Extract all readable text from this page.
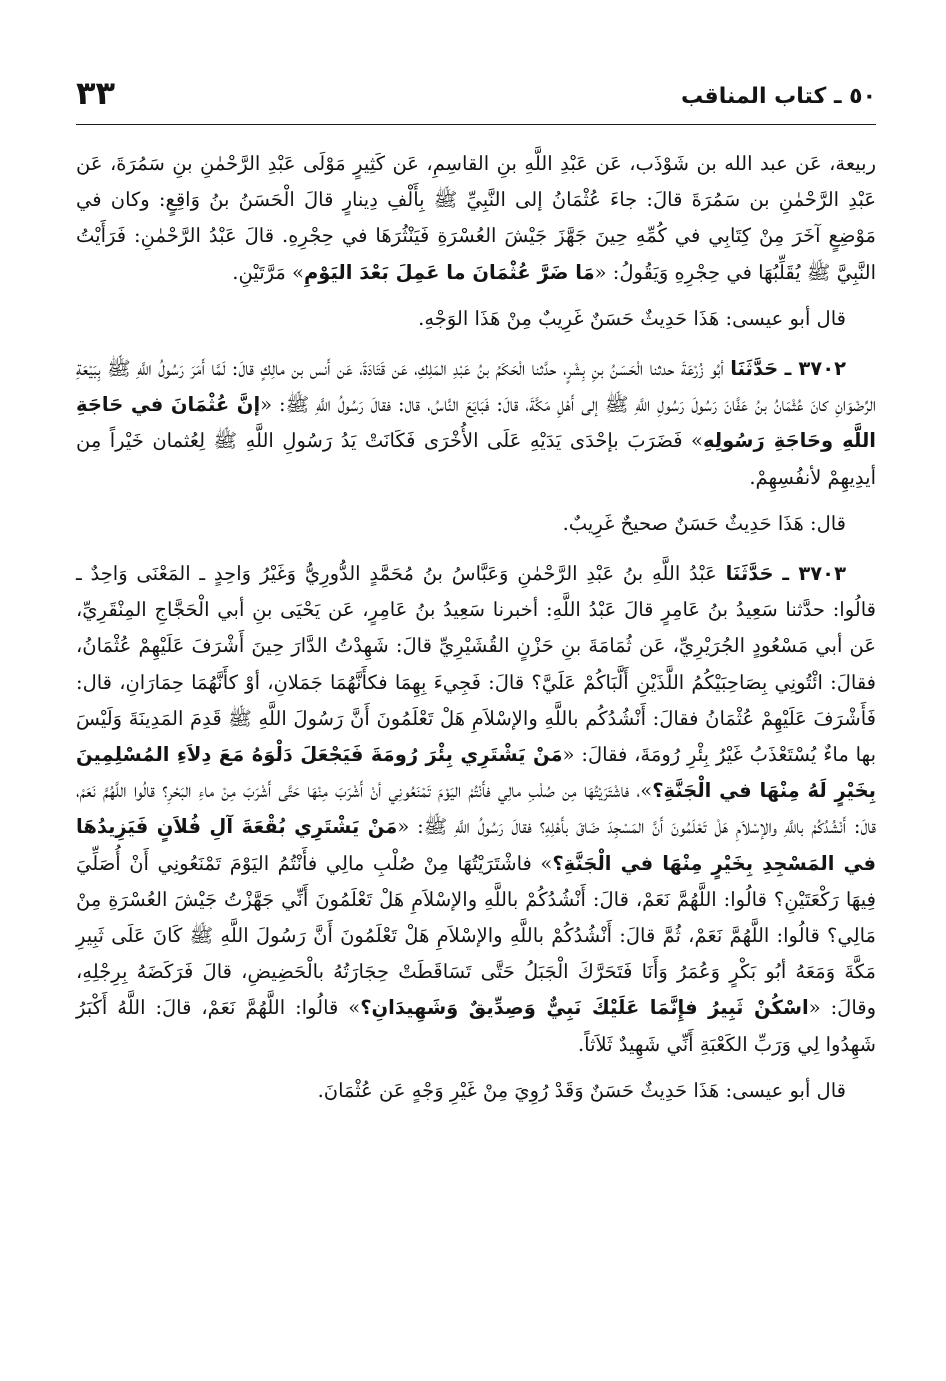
٥٠ ـ كتاب المناقب
٣٣

ربيعة، عَن عبد الله بن شَوْذَب، عَن عَبْدِ اللَّهِ بنِ القاسِمِ، عَن كَثِيرٍ مَوْلَى عَبْدِ الرَّحْمٰنِ بنِ سَمُرَةَ، عَن عَبْدِ الرَّحْمٰنِ بن سَمُرَةَ قالَ: جاءَ عُثْمَانُ إلى النَّبِيِّ ﷺ بِأَلْفِ دِينارٍ قالَ الْحَسَنُ بنُ وَاقِعٍ: وكان في مَوْضِعٍ آخَرَ مِنْ كِتَابِي في كُمِّهِ حِينَ جَهَّزَ جَيْشَ العُسْرَةِ فَيَنْثُرَهَا في حِجْرِهِ. قالَ عَبْدُ الرَّحْمٰنِ: فَرَأَيْتُ النَّبِيَّ ﷺ يُقَلِّبُهَا في حِجْرِهِ وَيَقُولُ: «مَا ضَرَّ عُثْمَانَ ما عَمِلَ بَعْدَ اليَوْمِ» مَرَّتَيْنِ.

قال أبو عيسى: هَذَا حَدِيثٌ حَسَنٌ غَرِيبٌ مِنْ هَذَا الوَجْهِ.

٣٧٠٢ ـ حَدَّثَنَا أبُو زُرْعَةَ حدثنا الْحَسَنُ بنِ بِشْرٍ، حدَّثنا الْحَكَمُ بنُ عَبْدِ المَلِكِ، عَن قَتَادَةَ، عَن أَنس بن مالِكٍ قالَ: لَمَّا أَمَرَ رَسُولُ اللَّهِ ﷺ بِبَيْعَةِ الرِّضْوَانِ كانَ عُثْمَانُ بنُ عَفَّانَ رَسُولَ رَسُولِ اللَّهِ ﷺ إلى أَهْلِ مَكَّةَ، قالَ: فَبَايَعَ النَّاسُ، قال: فقالَ رَسُولُ اللَّهِ ﷺ: «إنَّ عُثْمَانَ في حَاجَةِ اللَّهِ وحَاجَةِ رَسُولِهِ» فَضَرَبَ بإحْدَى يَدَيْهِ عَلَى الأُخْرَى فَكَانَتْ يَدُ رَسُولِ اللَّهِ ﷺ لِعُثمان خَيْراً مِن أيدِيهِمْ لأنفُسِهِمْ.

قال: هَذَا حَدِيثٌ حَسَنٌ صحيحٌ غَرِيبٌ.

٣٧٠٣ ـ حَدَّثَنَا عَبْدُ اللَّهِ بنُ عَبْدِ الرَّحْمٰنِ وَعَبَّاسُ بنُ مُحَمَّدٍ الدُّورِيُّ وَغَيْرُ وَاحِدٍ ـ المَعْنَى وَاحِدٌ ـ قالُوا: حدَّثنا سَعِيدُ بنُ عَامِرٍ قالَ عَبْدُ اللَّهِ: أخبرنا سَعِيدُ بنُ عَامِرٍ، عَن يَحْيَى بنِ أبي الْحَجَّاجِ المِنْقَرِيِّ، عَن أبي مَسْعُودٍ الجُرَيْرِيِّ، عَن ثُمَامَةَ بنِ حَزْنٍ القُشَيْرِيِّ قالَ: شَهِدْتُ الدَّارَ حِينَ أَشْرَفَ عَلَيْهِمْ عُثْمَانُ، فقالَ: ائْتُونِي بِصَاحِبَيْكُمُ اللَّذَيْنِ أَلَّبَاكُمْ عَلَيَّ؟ قالَ: فَجِيءَ بِهِمَا فكأَنَّهُمَا جَمَلانِ، أوْ كأَنَّهُمَا حِمَارَانِ، قال: فَأَشْرَفَ عَلَيْهِمْ عُثْمَانُ فقالَ: أَنْشُدُكُم باللَّهِ والإسْلاَمِ هَلْ تَعْلَمُونَ أَنَّ رَسُولَ اللَّهِ ﷺ قَدِمَ المَدِينَةَ وَلَيْسَ بها ماءٌ يُسْتَعْذَبُ غَيْرُ بِئْرِ رُومَةَ، فقالَ: «مَنْ يَشْتَرِي بِئْرَ رُومَةَ فَيَجْعَلَ دَلْوَهُ مَعَ دِلاَءِ المُسْلِمِينَ بِخَيْرٍ لَهُ مِنْهَا في الْجَنَّةِ؟»، فاشْتَرَيْتُهَا مِن صُلْبِ مالِي فأَنْتُمْ اليَوْمَ تَمْنَعُونِي أنْ أَشْرَبَ مِنْهَا حَتَّى أَشْرَبَ مِنْ ماءِ البَحْرِ؟ قالُوا اللَّهُمَّ نَعَمْ، قالَ: أَنْشُدُكُمْ باللَّهِ والإسْلاَمِ هَلْ تَعْلَمُونَ أَنَّ المَسْجِدَ ضَاقَ بأَهْلِهِ؟ فقالَ رَسُولُ اللَّهِ ﷺ: «مَنْ يَشْتَرِي بُقْعَةَ آلِ فُلاَنٍ فَيَزِيدُهَا في المَسْجِدِ بِخَيْرٍ مِنْهَا في الْجَنَّةِ؟» فاشْتَرَيْتُهَا مِنْ صُلْبِ مالِي فأَنْتُمُ اليَوْمَ تَمْنَعُونِي أَنْ أُصَلِّيَ فِيهَا رَكْعَتَيْنِ؟ قالُوا: اللَّهُمَّ نَعَمْ، قالَ: أَنْشُدُكُمْ باللَّهِ والإسْلاَمِ هَلْ تَعْلَمُونَ أَنِّي جَهَّزْتُ جَيْشَ العُسْرَةِ مِنْ مَالِي؟ قالُوا: اللَّهُمَّ نَعَمْ، ثُمَّ قالَ: أَنْشُدُكُمْ باللَّهِ والإسْلاَمِ هَلْ تَعْلَمُونَ أَنَّ رَسُولَ اللَّهِ ﷺ كَانَ عَلَى ثَبِيرِ مَكَّةَ وَمَعَهُ أبُو بَكْرٍ وَعُمَرُ وَأَنَا فَتَحَرَّكَ الْجَبَلُ حَتَّى تَسَاقَطَتْ حِجَارَتُهُ بالْحَضِيضِ، قالَ فَرَكَضَهُ بِرِجْلِهِ، وقالَ: «اسْكُنْ ثَبِيرُ فإِنَّمَا عَلَيْكَ نَبِيٌّ وَصِدِّيقٌ وَشَهِيدَانِ؟» قالُوا: اللَّهُمَّ نَعَمْ، قالَ: اللَّهُ أَكْبَرُ شَهِدُوا لِي وَرَبِّ الكَعْبَةِ أَنِّي شَهِيدٌ ثَلاَثاً.

قال أبو عيسى: هَذَا حَدِيثٌ حَسَنٌ وَقَدْ رُوِيَ مِنْ غَيْرِ وَجْهٍ عَن عُثْمَانَ.
